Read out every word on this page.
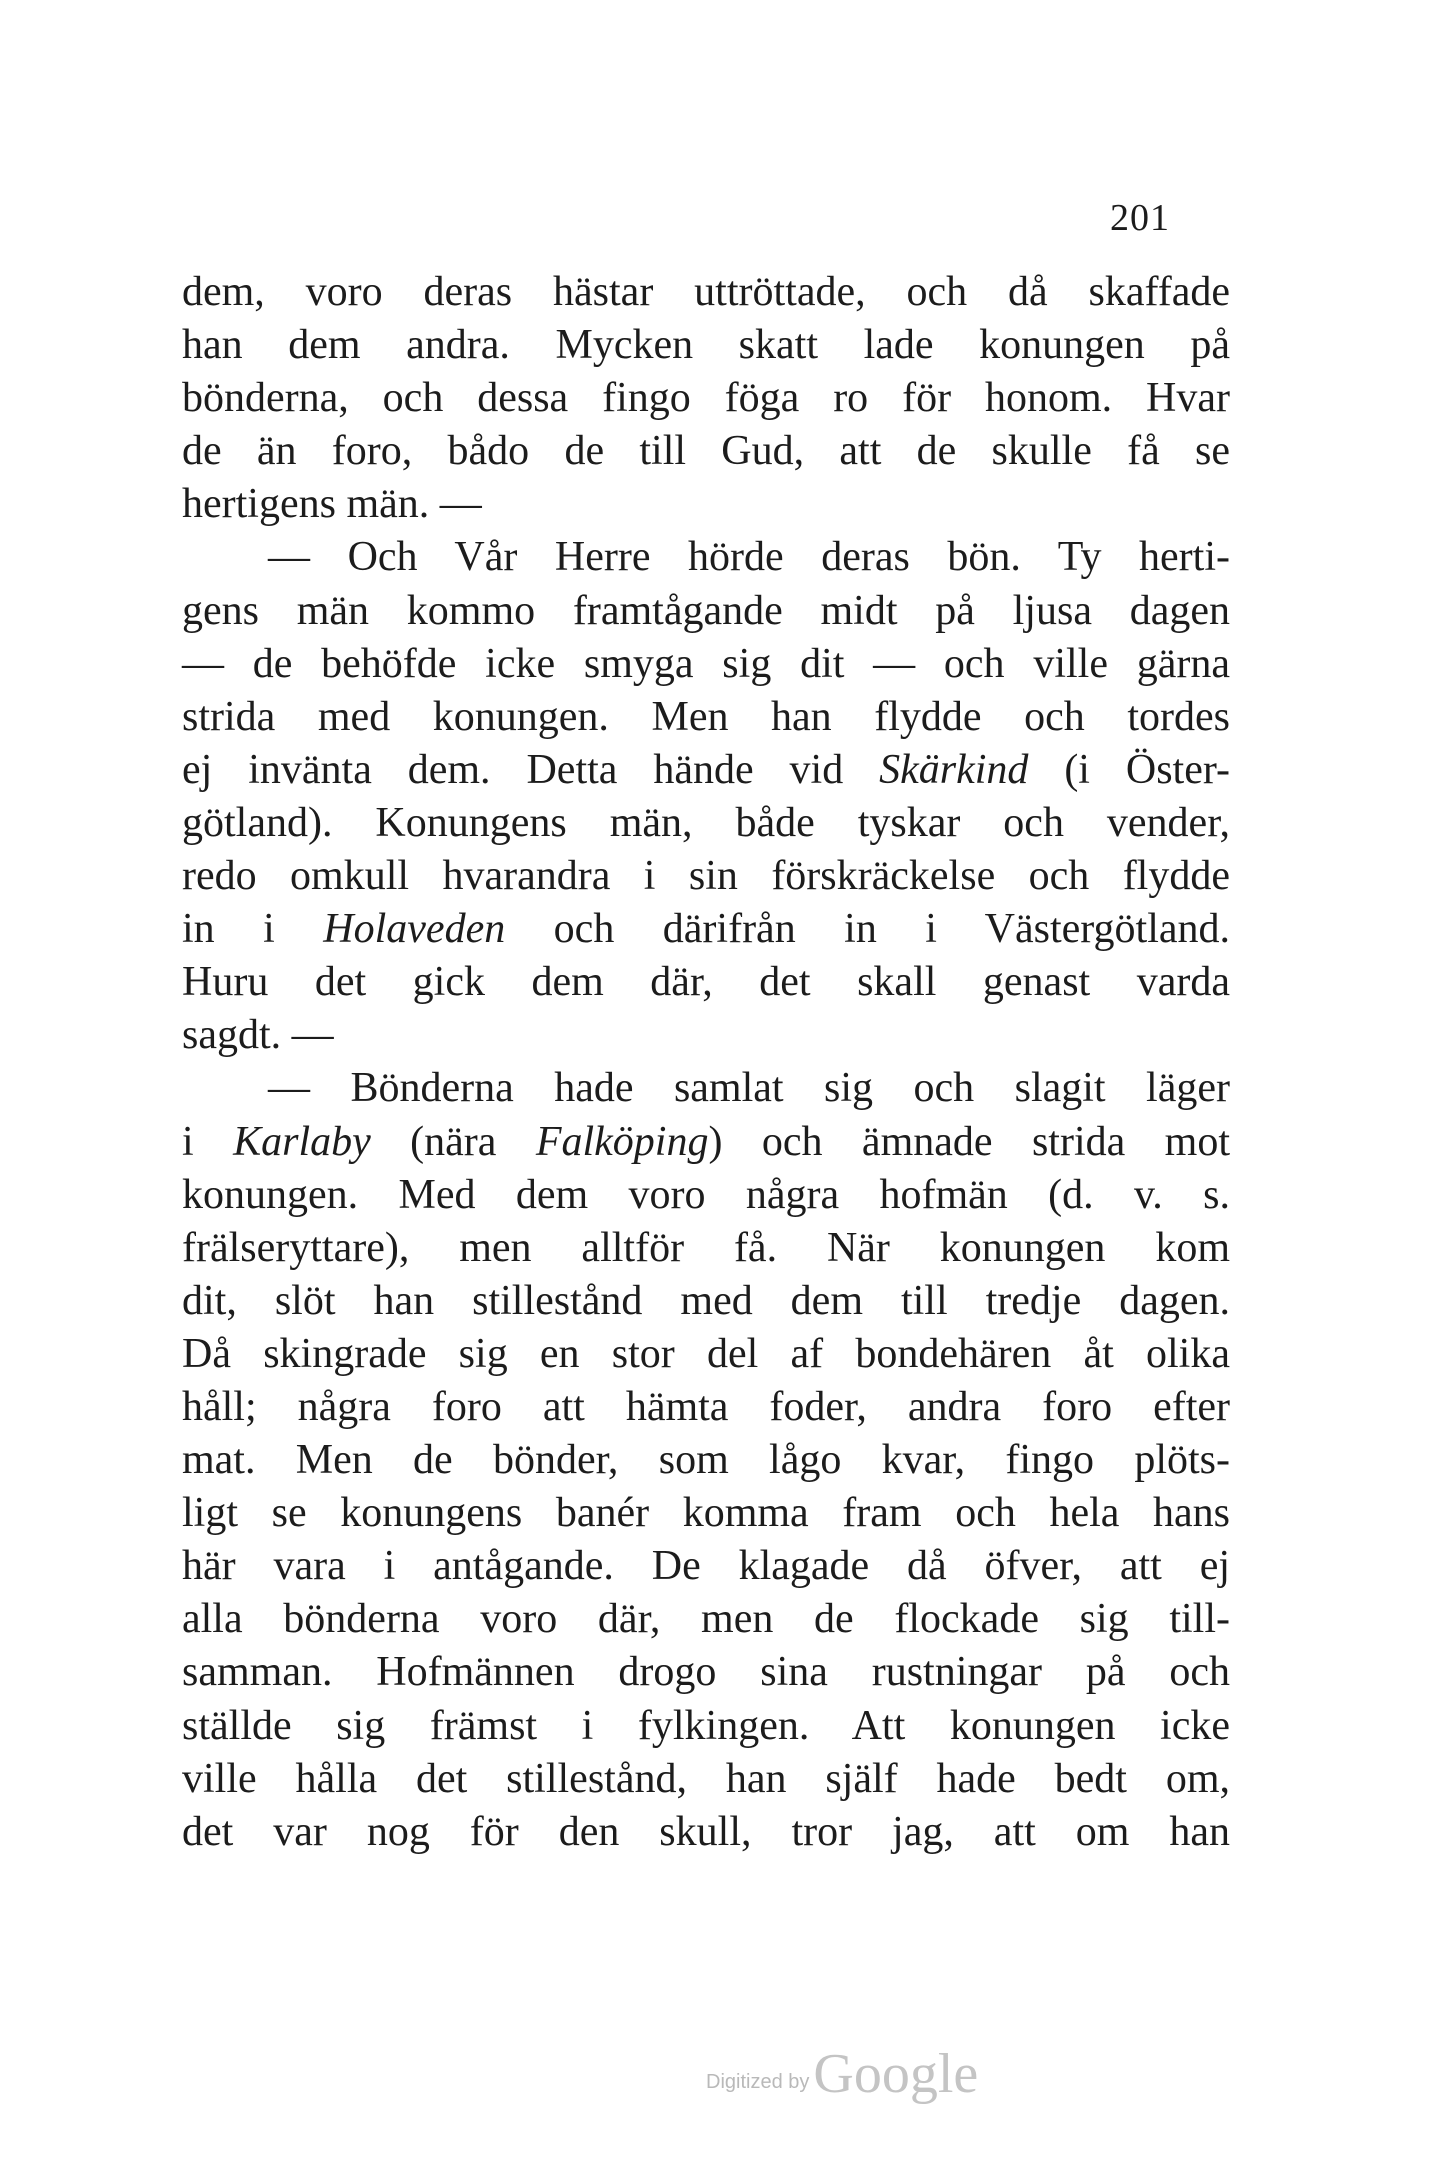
201
dem, voro deras hästar uttröttade, och då skaffade
han dem andra. Mycken skatt lade konungen på
bönderna, och dessa fingo föga ro för honom. Hvar
de än foro, bådo de till Gud, att de skulle få se
hertigens män. —
— Och Vår Herre hörde deras bön. Ty herti-
gens män kommo framtågande midt på ljusa dagen
— de behöfde icke smyga sig dit — och ville gärna
strida med konungen. Men han flydde och tordes
ej invänta dem. Detta hände vid Skärkind (i Öster-
götland). Konungens män, både tyskar och vender,
redo omkull hvarandra i sin förskräckelse och flydde
in i Holaveden och därifrån in i Västergötland.
Huru det gick dem där, det skall genast varda
sagdt. —
— Bönderna hade samlat sig och slagit läger
i Karlaby (nära Falköping) och ämnade strida mot
konungen. Med dem voro några hofmän (d. v. s.
frälseryttare), men alltför få. När konungen kom
dit, slöt han stillestånd med dem till tredje dagen.
Då skingrade sig en stor del af bondehären åt olika
håll; några foro att hämta foder, andra foro efter
mat. Men de bönder, som lågo kvar, fingo plöts-
ligt se konungens banér komma fram och hela hans
här vara i antågande. De klagade då öfver, att ej
alla bönderna voro där, men de flockade sig till-
samman. Hofmännen drogo sina rustningar på och
ställde sig främst i fylkingen. Att konungen icke
ville hålla det stillestånd, han själf hade bedt om,
det var nog för den skull, tror jag, att om han
Digitized by Google
